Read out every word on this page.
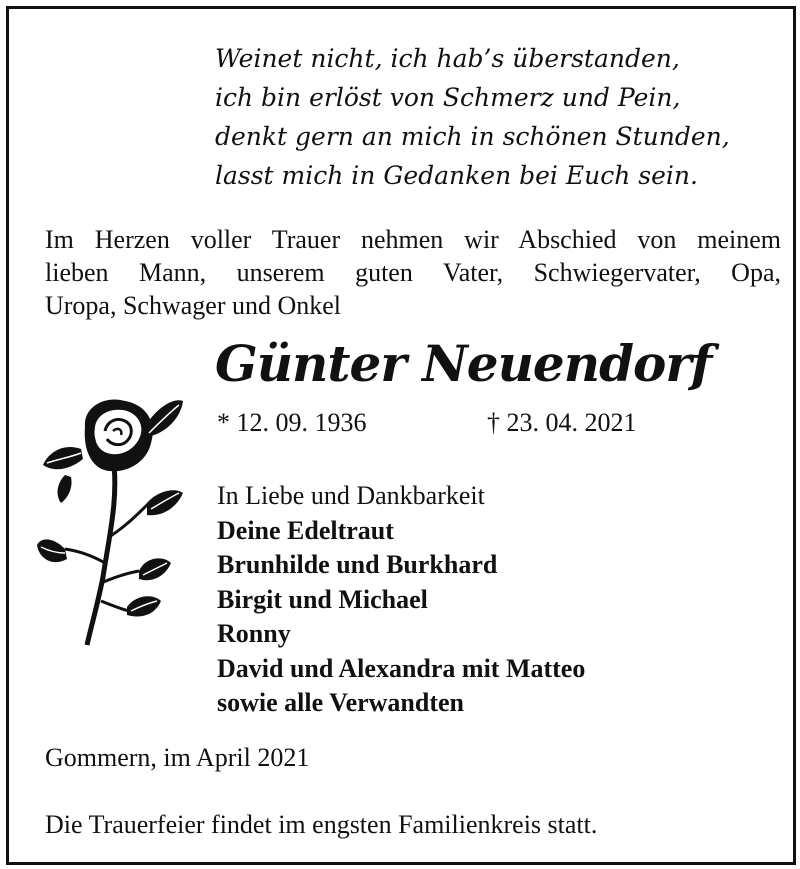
Weinet nicht, ich hab’s überstanden,
ich bin erlöst von Schmerz und Pein,
denkt gern an mich in schönen Stunden,
lasst mich in Gedanken bei Euch sein.
Im Herzen voller Trauer nehmen wir Abschied von meinem
lieben Mann, unserem guten Vater, Schwiegervater, Opa,
Uropa, Schwager und Onkel
Günter Neuendorf
* 12. 09. 1936	† 23. 04. 2021
In Liebe und Dankbarkeit
Deine Edeltraut
Brunhilde und Burkhard
Birgit und Michael
Ronny
David und Alexandra mit Matteo
sowie alle Verwandten
Gommern, im April 2021
Die Trauerfeier findet im engsten Familienkreis statt.
